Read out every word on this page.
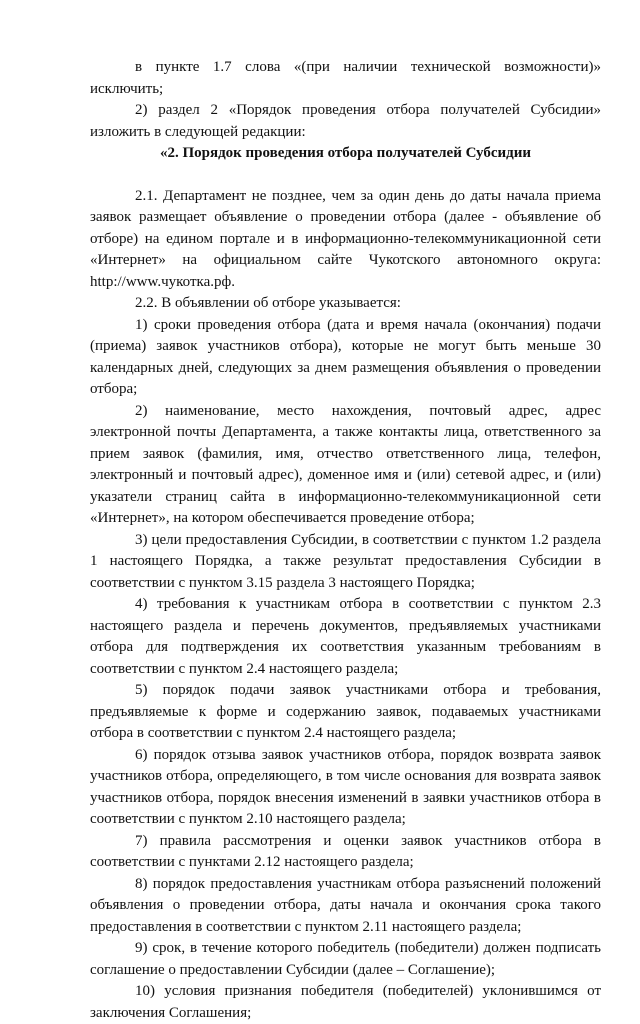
в пункте 1.7 слова «(при наличии технической возможности)» исключить;

2) раздел 2 «Порядок проведения отбора получателей Субсидии» изложить в следующей редакции:

«2. Порядок проведения отбора получателей Субсидии

2.1. Департамент не позднее, чем за один день до даты начала приема заявок размещает объявление о проведении отбора (далее - объявление об отборе) на едином портале и в информационно-телекоммуникационной сети «Интернет» на официальном сайте Чукотского автономного округа: http://www.чукотка.рф.

2.2. В объявлении об отборе указывается:

1) сроки проведения отбора (дата и время начала (окончания) подачи (приема) заявок участников отбора), которые не могут быть меньше 30 календарных дней, следующих за днем размещения объявления о проведении отбора;

2) наименование, место нахождения, почтовый адрес, адрес электронной почты Департамента, а также контакты лица, ответственного за прием заявок (фамилия, имя, отчество ответственного лица, телефон, электронный и почтовый адрес), доменное имя и (или) сетевой адрес, и (или) указатели страниц сайта в информационно-телекоммуникационной сети «Интернет», на котором обеспечивается проведение отбора;

3) цели предоставления Субсидии, в соответствии с пунктом 1.2 раздела 1 настоящего Порядка, а также результат предоставления Субсидии в соответствии с пунктом 3.15 раздела 3 настоящего Порядка;

4) требования к участникам отбора в соответствии с пунктом 2.3 настоящего раздела и перечень документов, предъявляемых участниками отбора для подтверждения их соответствия указанным требованиям в соответствии с пунктом 2.4 настоящего раздела;

5) порядок подачи заявок участниками отбора и требования, предъявляемые к форме и содержанию заявок, подаваемых участниками отбора в соответствии с пунктом 2.4 настоящего раздела;

6) порядок отзыва заявок участников отбора, порядок возврата заявок участников отбора, определяющего, в том числе основания для возврата заявок участников отбора, порядок внесения изменений в заявки участников отбора в соответствии с пунктом 2.10 настоящего раздела;

7) правила рассмотрения и оценки заявок участников отбора в соответствии с пунктами 2.12 настоящего раздела;

8) порядок предоставления участникам отбора разъяснений положений объявления о проведении отбора, даты начала и окончания срока такого предоставления в соответствии с пунктом 2.11 настоящего раздела;

9) срок, в течение которого победитель (победители) должен подписать соглашение о предоставлении Субсидии (далее – Соглашение);

10) условия признания победителя (победителей) уклонившимся от заключения Соглашения;
